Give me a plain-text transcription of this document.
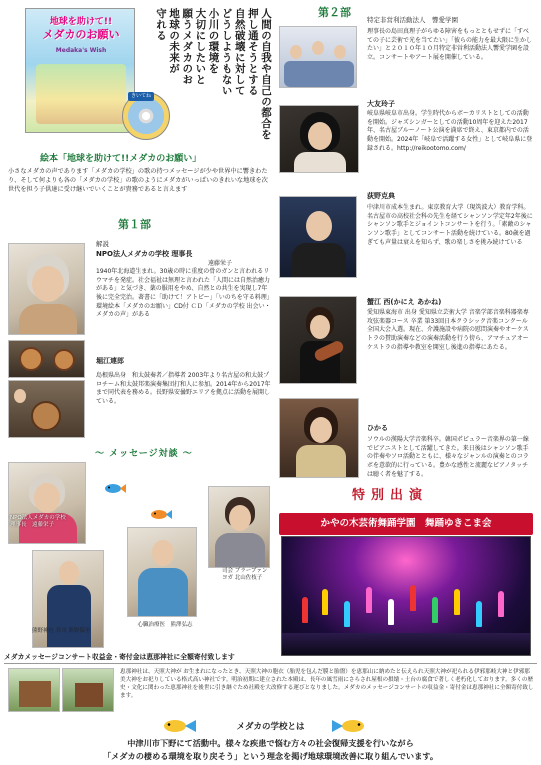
地球を助けて!!
メダカのお願い
Medaka's Wish
きいてね	人間の自我や自己の都合を
押し通そうとする
自然破壊に対して
どうしようもない
小川の環境を
大切にしたいと
願うメダカのお
地球の未来が
守れる
絵本「地球を助けて!!メダカのお願い」
小さなメダカの声であります「メダカの学校」の歌の持つメッセージが少や世界中に響きわたり、そして何よりも各の「メダカの学校」の歌のようにメダカがいっぱいのきれいな地球を次世代を担う子供達に受け継いでいくことが貴務であると言えます
第１部
解説
NPO法人メダカの学校 理事長
遠藤栄子
1940年北海道生まれ。30歳の時に重度の骨のガンと言われるリウマチを発症。社会福祉は無理と言われた「人間には自然治癒力がある」と気づき、薬の服用をやめ、自然との共生を実現し7年後に完全完治。著書に「助けて！アトピー」「いのちを守る料理」環境絵本「メダカのお願い」CD付 ＣＤ「メダカの学校 出会い・メダカの声」がある
堀江連郎
島根県出身　和太鼓奏者／指導者 2003年より名古屋の和太鼓プロチーム和太鼓邦楽演奏集団打和人に参加。2014年から2017年まで同代表を務める。長野県安曇野エリアを拠点に活動を展開している。
～ メッセージ対談 ～
NPO法人メダカの学校理事長　遠藤栄子
司会 ブラープァンヨガ 北山佐枝子
熊野神社 宮司 熊野保至
心臓治療医　熊澤弘志
第２部
特定非営利活動法人　響愛学園
理事長の島田真理子がらゆる障害をもっとともせずに「すべての子に芸術で光を当てたい」「彼らの能力を最大限に生かしたい」と２０１０年１０月特定非営利活動法人響愛学園を設立。コンサートやアート展を開催している。
大友玲子
岐阜県岐阜市出身。学生時代からボーカリストとしての活動を開始。ジャズシンガーとしての活動10周年を迎えた2017年、名古屋ブルーノート公演を満席で終え、東京都内での活動を開始。2024年「岐阜で活躍する女性」として岐阜県に登録される。http://reikootomo.com/
荻野克典
中津川市成本生まれ。東京教育大学（現筑波大）教育学科。名古屋市の高校社会科の先生を経てシャンソン学定年2年後にシャンソン歌手とジョイントコンサートを行う。「素敵のシャンソン歌手」としてコンサート活動を続けている。80歳を過ぎても声量は衰えを知らず、歌の楽しさを挑み続けている
蟹江 西(かにえ あかね)
愛知県東海市 出身 愛知県立芸術大学 音楽学部音楽科器楽専攻弦楽器コース 卒業 第33回日本クラシック音楽コンクール全国大会入選。現在、介護施設や病院の慰問演奏やオーケストラの賛助演奏などの演奏活動を行う傍ら、アマチュアオーケストラの指導や教室を開室し後進の指導にあたる。
ひかる
ソウルの漢陽大学音楽科卒。韓国ポピュラー音楽界の第一線でピアニストとして活躍してきた。来日後はシャンソン歌手の伴奏やソロ活動とともに、様々なジャンルの演奏とのコラボを意欲的に行っている。豊かな感性と流麗なピアノタッチは聴く者を魅了する。
特別出演
かやの木芸術舞踊学園　舞踊ゆきこま会
メダカメッセージコンサート収益金・寄付金は恵那神社に全額寄付致します
恵那神社は、天照大神が お生まれになったとき、天照大神の胞衣（胎児を包んだ膜と胎盤）を恵那山に納めたと伝えられ天照大神が祀られる伊邪那岐大神と伊邪那美大神をお祀りしている格式高い神社です。明治初期に建立された本殿は、長年の風雪雨にさらされ屋根の損壊・土台の腐食で著しく老朽化しております。多くの歴史・文化に関わった恵那神社を後世に引き継ぐため社殿を大改修する運びとなりました。メダカのメッセージコンサートの収益金・寄付金は恵那神社に全額寄付致します。
メダカの学校とは
中津川市下野にて活動中。様々な疾患で悩む方々の社会復帰支援を行いながら
「メダカの棲める環境を取り戻そう」という理念を掲げ地球環境改善に取り組んでいます。
